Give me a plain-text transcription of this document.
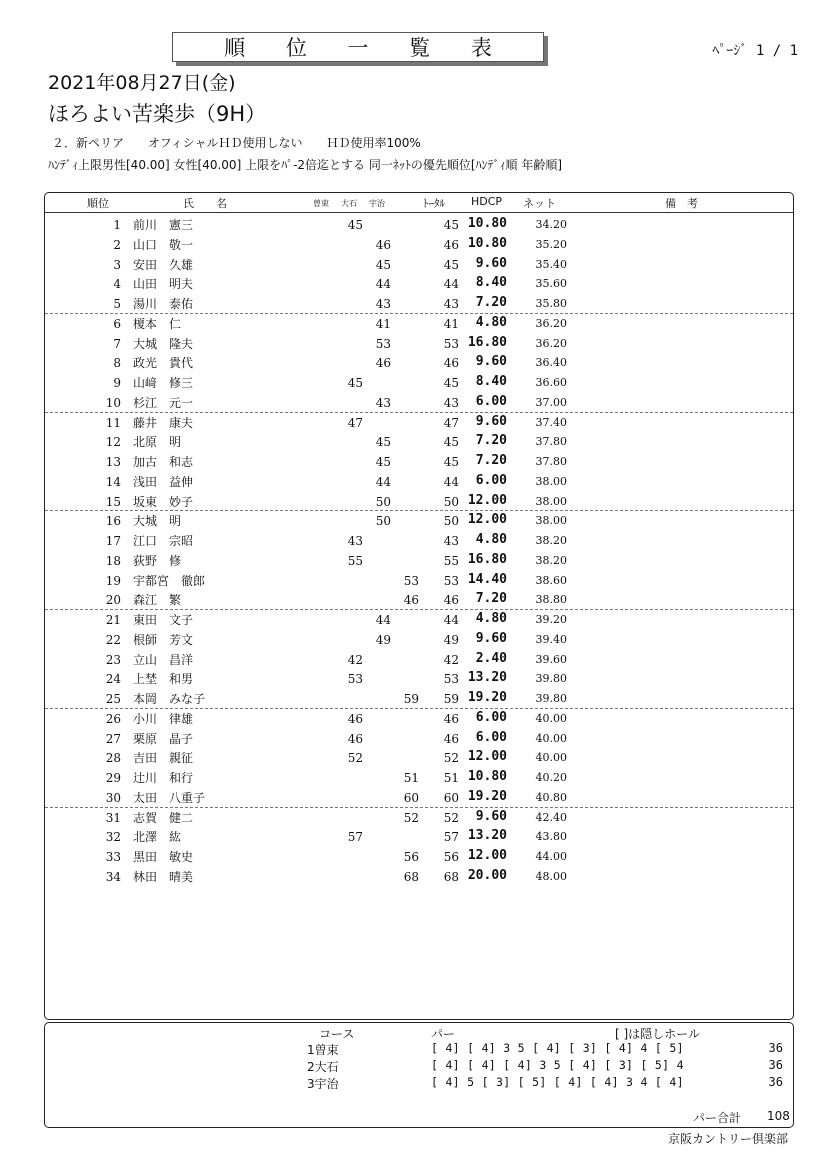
順 位 一 覧 表	ﾍﾟｰｼﾞ 1 / 1
2021年08月27日(金)
ほろよい苦楽歩（9H）
２．新ペリア　　オフィシャルＨＤ使用しない　　ＨＤ使用率100%
ﾊﾝﾃﾞｨ上限男性[40.00] 女性[40.00] 上限をﾊﾟ-2倍迄とする 同一ﾈｯﾄの優先順位[ﾊﾝﾃﾞｨ順 年齢順]
順位	氏　　名	曽束 大石 宇治	ﾄｰﾀﾙ HDCP ネット	備　考
1 前川　憲三	45	45 10.80	34.20
2 山口　敬一	46	46 10.80	35.20
3 安田　久雄	45	45	9.60	35.40
4 山田　明夫	44	44	8.40	35.60
5 湯川　泰佑	43	43	7.20	35.80
6 榎本　仁	41	41	4.80	36.20
7 大城　隆夫	53	53 16.80	36.20
8 政光　貴代	46	46	9.60	36.40
9 山﨑　修三	45	45	8.40	36.60
10 杉江　元一	43	43	6.00	37.00
11 藤井　康夫	47	47	9.60	37.40
12 北原　明	45	45	7.20	37.80
13 加古　和志	45	45	7.20	37.80
14 浅田　益伸	44	44	6.00	38.00
15 坂東　妙子	50	50 12.00	38.00
16 大城　明	50	50 12.00	38.00
17 江口　宗昭	43	43	4.80	38.20
18 荻野　修	55	55 16.80	38.20
19 宇都宮　徹郎	53	53 14.40	38.60
20 森江　繁	46	46	7.20	38.80
21 東田　文子	44	44	4.80	39.20
22 根師　芳文	49	49	9.60	39.40
23 立山　昌洋	42	42	2.40	39.60
24 上埜　和男	53	53 13.20	39.80
25 本岡　みな子	59	59 19.20	39.80
26 小川　律雄	46	46	6.00	40.00
27 栗原　晶子	46	46	6.00	40.00
28 吉田　親征	52	52 12.00	40.00
29 辻川　和行	51	51 10.80	40.20
30 太田　八重子	60	60 19.20	40.80
31 志賀　健二	52	52	9.60	42.40
32 北澤　紘	57	57 13.20	43.80
33 黒田　敏史	56	56 12.00	44.00
34 林田　晴美	68	68 20.00	48.00
コース	パー	[ ]は隠しホール
1曽束	[ 4] [ 4] 3 5 [ 4] [ 3] [ 4] 4 [ 5]	36
2大石	[ 4] [ 4] [ 4] 3 5 [ 4] [ 3] [ 5] 4	36
3宇治	[ 4] 5 [ 3] [ 5] [ 4] [ 4] 3 4 [ 4]	36
パー合計 108
京阪カントリー倶楽部
